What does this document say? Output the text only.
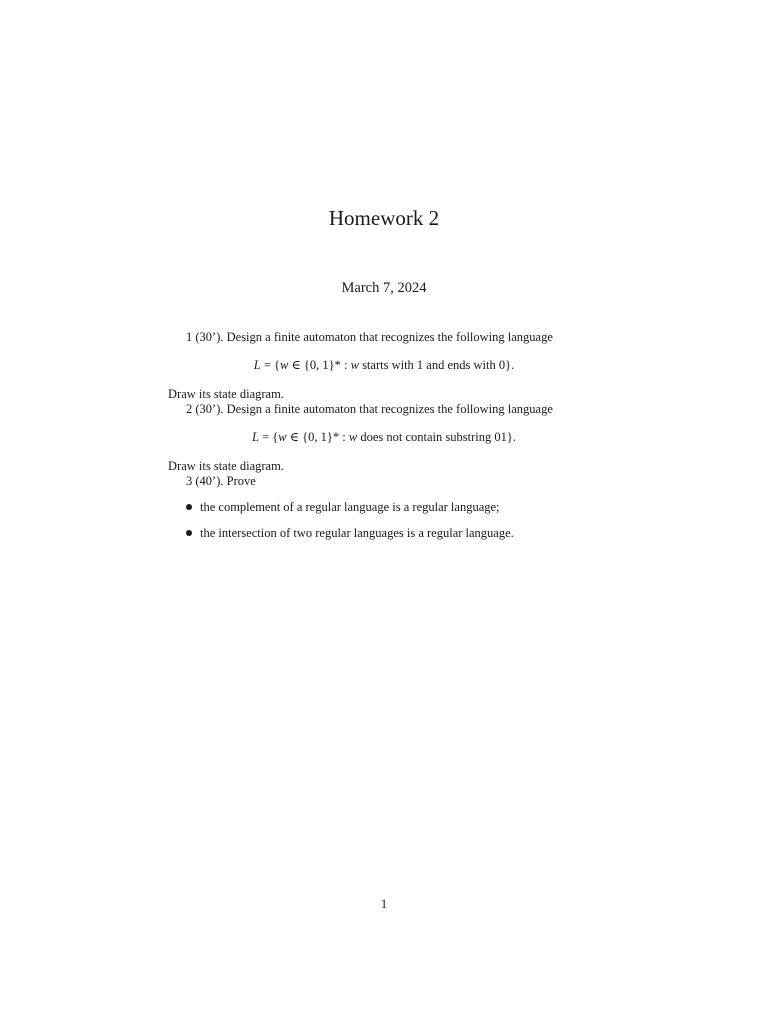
Homework 2
March 7, 2024
1 (30’). Design a finite automaton that recognizes the following language
L = {w ∈ {0, 1}* : w starts with 1 and ends with 0}.
Draw its state diagram.
2 (30’). Design a finite automaton that recognizes the following language
L = {w ∈ {0, 1}* : w does not contain substring 01}.
Draw its state diagram.
3 (40’). Prove
the complement of a regular language is a regular language;
the intersection of two regular languages is a regular language.
1
